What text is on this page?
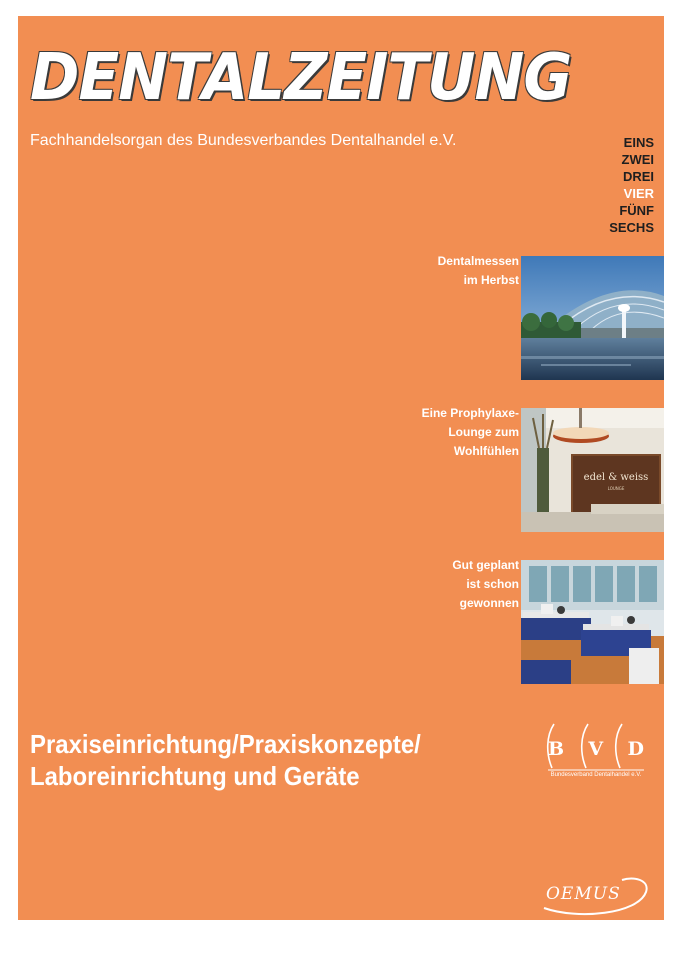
DENTALZEITUNG
Fachhandelsorgan des Bundesverbandes Dentalhandel e.V.	EINS
ZWEI
DREI
VIER
FÜNF
SECHS
Dentalmessen
im Herbst
Eine Prophylaxe-
Lounge zum
Wohlfühlen
edel & weiss
LOUNGE
Gut geplant
ist schon
gewonnen
Praxiseinrichtung/Praxiskonzepte/
Laboreinrichtung und Geräte
B V D
Bundesverband Dentalhandel e.V.
OEMUS
